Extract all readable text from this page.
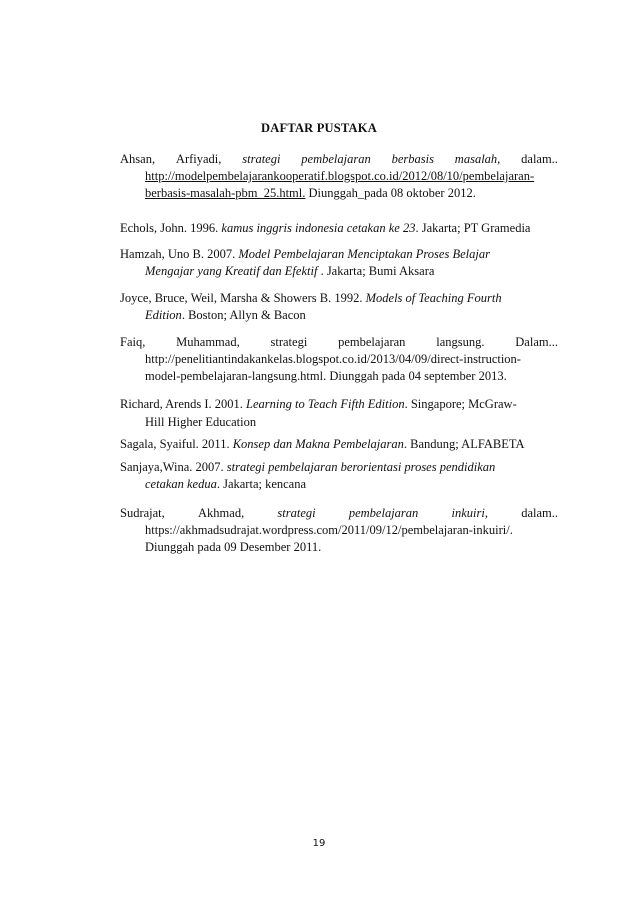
DAFTAR PUSTAKA
Ahsan, Arfiyadi, strategi pembelajaran berbasis masalah, dalam..
http://modelpembelajarankooperatif.blogspot.co.id/2012/08/10/pembelajaran-
berbasis-masalah-pbm_25.html. Diunggah_pada 08 oktober 2012.
Echols, John. 1996. kamus inggris indonesia cetakan ke 23. Jakarta; PT Gramedia
Hamzah, Uno B. 2007. Model Pembelajaran Menciptakan Proses Belajar
Mengajar yang Kreatif dan Efektif . Jakarta; Bumi Aksara
Joyce, Bruce, Weil, Marsha & Showers B. 1992. Models of Teaching Fourth
Edition. Boston; Allyn & Bacon
Faiq, Muhammad, strategi pembelajaran langsung. Dalam...
http://penelitiantindakankelas.blogspot.co.id/2013/04/09/direct-instruction-
model-pembelajaran-langsung.html. Diunggah pada 04 september 2013.
Richard, Arends I. 2001. Learning to Teach Fifth Edition. Singapore; McGraw-
Hill Higher Education
Sagala, Syaiful. 2011. Konsep dan Makna Pembelajaran. Bandung; ALFABETA
Sanjaya,Wina. 2007. strategi pembelajaran berorientasi proses pendidikan
cetakan kedua. Jakarta; kencana
Sudrajat,	Akhmad,	strategi	pembelajaran	inkuiri,	dalam..
https://akhmadsudrajat.wordpress.com/2011/09/12/pembelajaran-inkuiri/.
Diunggah pada 09 Desember 2011.
19
